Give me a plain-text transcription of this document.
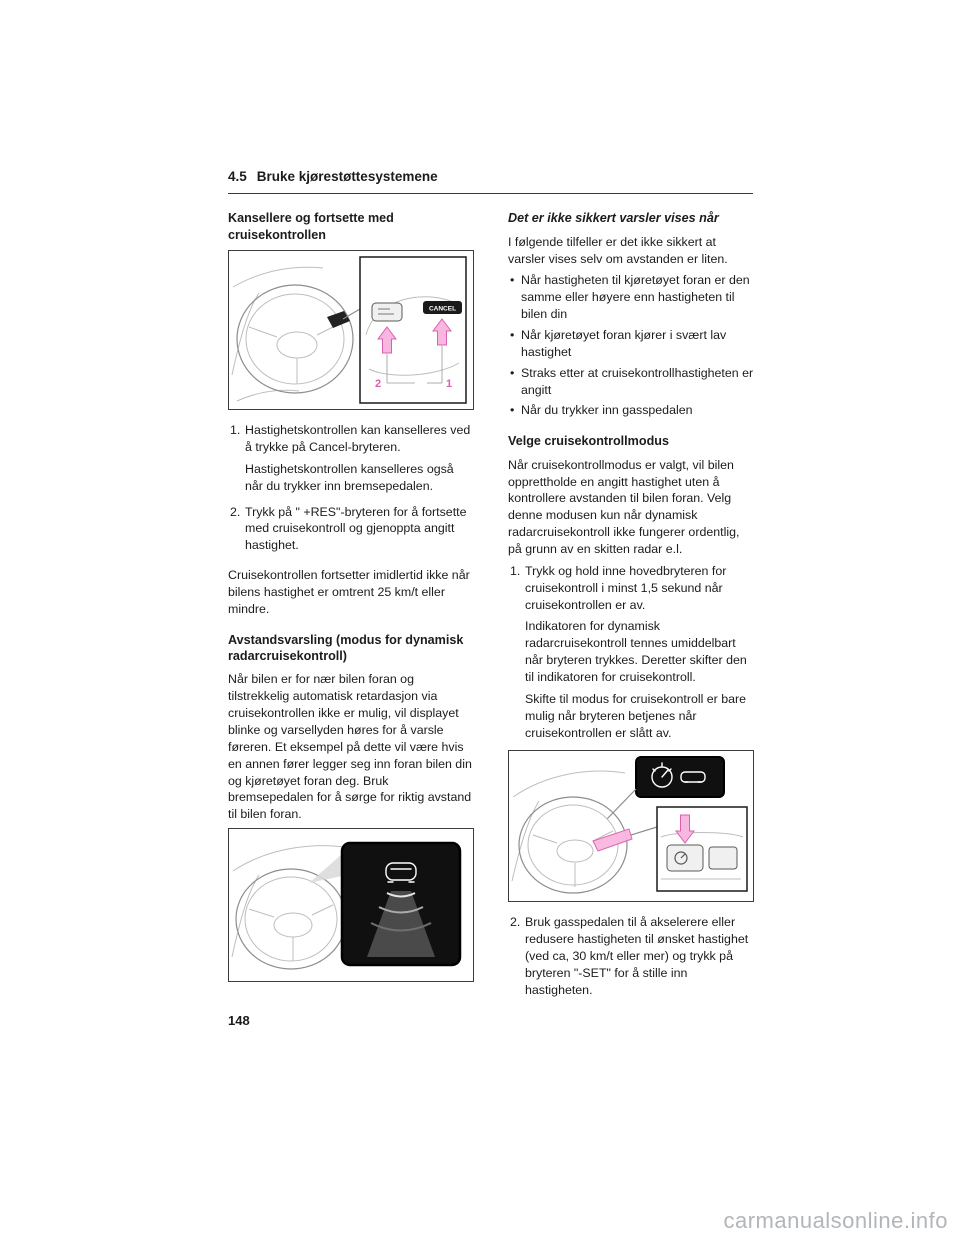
4.5 Bruke kjørestøttesystemene
Kansellere og fortsette med cruisekontrollen
CANCEL
2	1
1. Hastighetskontrollen kan kanselleres ved å trykke på Cancel-bryteren.

Hastighetskontrollen kanselleres også når du trykker inn bremsepedalen.

2. Trykk på " +RES"-bryteren for å fortsette med cruisekontroll og gjenoppta angitt hastighet.

Cruisekontrollen fortsetter imidlertid ikke når bilens hastighet er omtrent 25 km/t eller mindre.

Avstandsvarsling (modus for dynamisk radarcruisekontroll)

Når bilen er for nær bilen foran og tilstrekkelig automatisk retardasjon via cruisekontrollen ikke er mulig, vil displayet blinke og varsellyden høres for å varsle føreren. Et eksempel på dette vil være hvis en annen fører legger seg inn foran bilen din og kjøretøyet foran deg. Bruk bremsepedalen for å sørge for riktig avstand til bilen foran.

Det er ikke sikkert varsler vises når

I følgende tilfeller er det ikke sikkert at varsler vises selv om avstanden er liten.

• Når hastigheten til kjøretøyet foran er den samme eller høyere enn hastigheten til bilen din
• Når kjøretøyet foran kjører i svært lav hastighet
• Straks etter at cruisekontrollhastigheten er angitt
• Når du trykker inn gasspedalen
Velge cruisekontrollmodus

Når cruisekontrollmodus er valgt, vil bilen opprettholde en angitt hastighet uten å kontrollere avstanden til bilen foran. Velg denne modusen kun når dynamisk radarcruisekontroll ikke fungerer ordentlig, på grunn av en skitten radar e.l.

1. Trykk og hold inne hovedbryteren for cruisekontroll i minst 1,5 sekund når cruisekontrollen er av.

Indikatoren for dynamisk radarcruisekontroll tennes umiddelbart når bryteren trykkes. Deretter skifter den til indikatoren for cruisekontroll.

Skifte til modus for cruisekontroll er bare mulig når bryteren betjenes når cruisekontrollen er slått av.

2. Bruk gasspedalen til å akselerere eller redusere hastigheten til ønsket hastighet (ved ca, 30 km/t eller mer) og trykk på bryteren "-SET" for å stille inn hastigheten.

148
carmanualsonline.info
